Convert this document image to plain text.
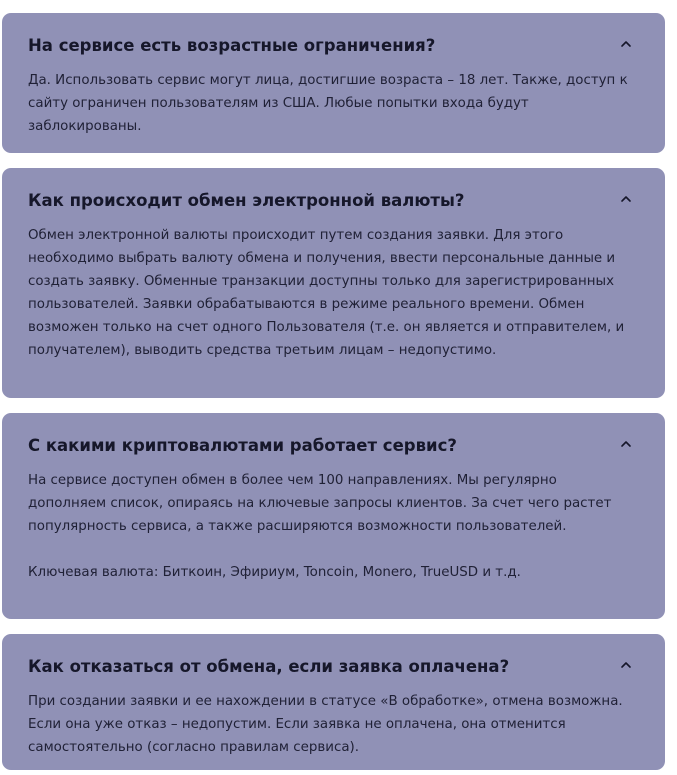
На сервисе есть возрастные ограничения?
Да. Использовать сервис могут лица, достигшие возраста – 18 лет. Также, доступ к сайту ограничен пользователям из США. Любые попытки входа будут заблокированы.
Как происходит обмен электронной валюты?
Обмен электронной валюты происходит путем создания заявки. Для этого необходимо выбрать валюту обмена и получения, ввести персональные данные и создать заявку. Обменные транзакции доступны только для зарегистрированных пользователей. Заявки обрабатываются в режиме реального времени. Обмен возможен только на счет одного Пользователя (т.е. он является и отправителем, и получателем), выводить средства третьим лицам – недопустимо.
С какими криптовалютами работает сервис?
На сервисе доступен обмен в более чем 100 направлениях. Мы регулярно дополняем список, опираясь на ключевые запросы клиентов. За счет чего растет популярность сервиса, а также расширяются возможности пользователей.
Ключевая валюта: Биткоин, Эфириум, Toncoin, Monero, TrueUSD и т.д.
Как отказаться от обмена, если заявка оплачена?
При создании заявки и ее нахождении в статусе «В обработке», отмена возможна. Если она уже отказ – недопустим. Если заявка не оплачена, она отменится самостоятельно (согласно правилам сервиса).
